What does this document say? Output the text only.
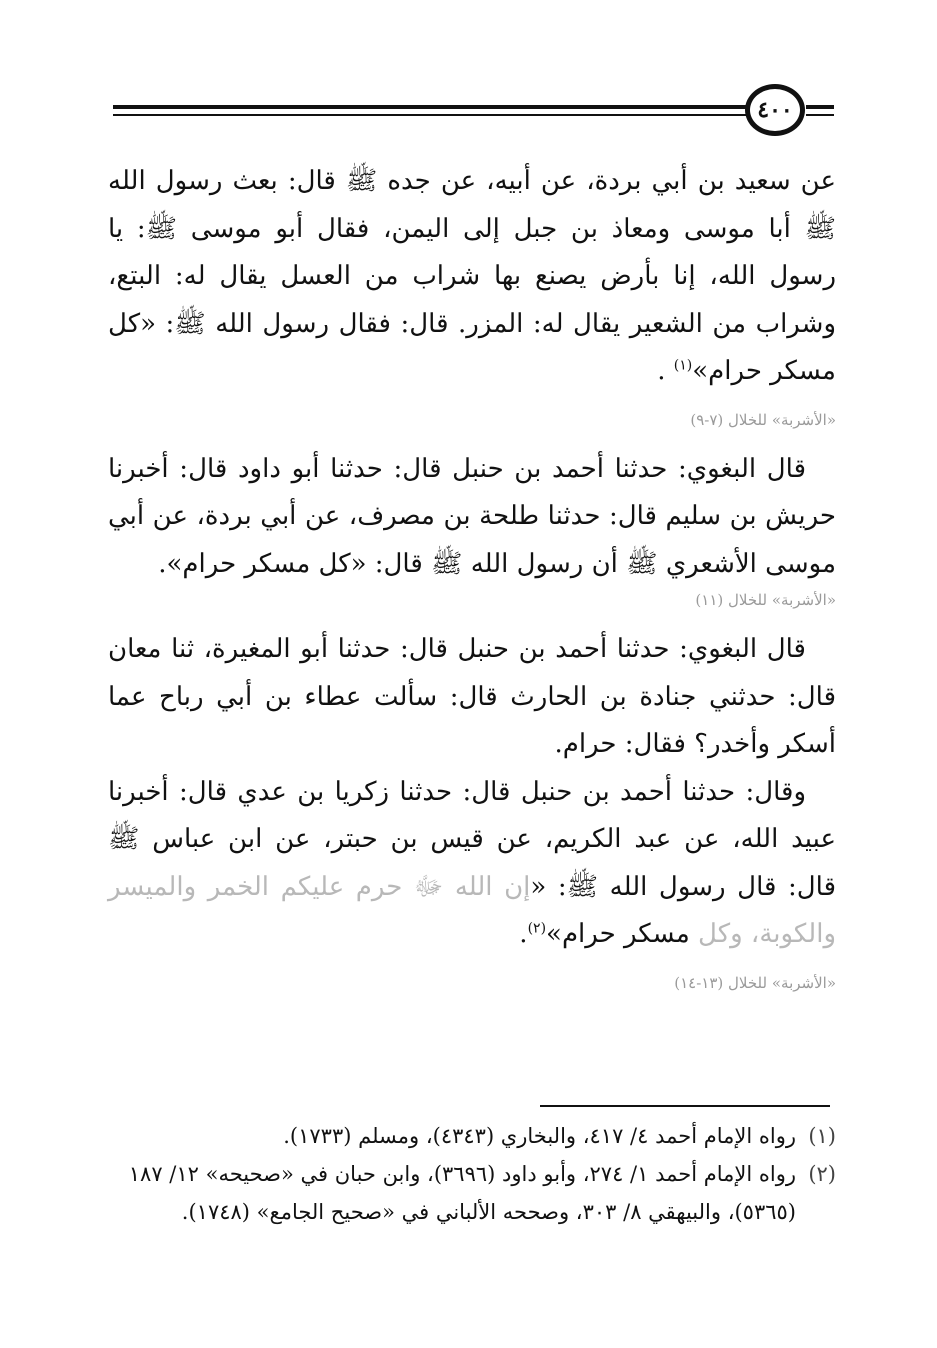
٤٠٠

عن سعيد بن أبي بردة، عن أبيه، عن جده ﷺ قال: بعث رسول الله ﷺ أبا موسى ومعاذ بن جبل إلى اليمن، فقال أبو موسى ﷺ: يا رسول الله، إنا بأرض يصنع بها شراب من العسل يقال له: البتع، وشراب من الشعير يقال له: المزر. قال: فقال رسول الله ﷺ: «كل مسكر حرام»$^{(١)}$ .

«الأشربة» للخلال (٧-٩)

قال البغوي: حدثنا أحمد بن حنبل قال: حدثنا أبو داود قال: أخبرنا حريش بن سليم قال: حدثنا طلحة بن مصرف، عن أبي بردة، عن أبي موسى الأشعري ﷺ أن رسول الله ﷺ قال: «كل مسكر حرام».

«الأشربة» للخلال (١١)

قال البغوي: حدثنا أحمد بن حنبل قال: حدثنا أبو المغيرة، ثنا معان قال: حدثني جنادة بن الحارث قال: سألت عطاء بن أبي رباح عما أسكر وأخدر؟ فقال: حرام.

وقال: حدثنا أحمد بن حنبل قال: حدثنا زكريا بن عدي قال: أخبرنا عبيد الله، عن عبد الكريم، عن قيس بن حبتر، عن ابن عباس ﷺ قال: قال رسول الله ﷺ: «إن الله ﷻ حرم عليكم الخمر والميسر والكوبة، وكل مسكر حرام»$^{(٢)}$.

«الأشربة» للخلال (١٣-١٤)

(١)
رواه الإمام أحمد ٤/ ٤١٧، والبخاري (٤٣٤٣)، ومسلم (١٧٣٣).
(٢)
رواه الإمام أحمد ١/ ٢٧٤، وأبو داود (٣٦٩٦)، وابن حبان في «صحيحه» ١٢/ ١٨٧ (٥٣٦٥)، والبيهقي ٨/ ٣٠٣، وصححه الألباني في «صحيح الجامع» (١٧٤٨).
